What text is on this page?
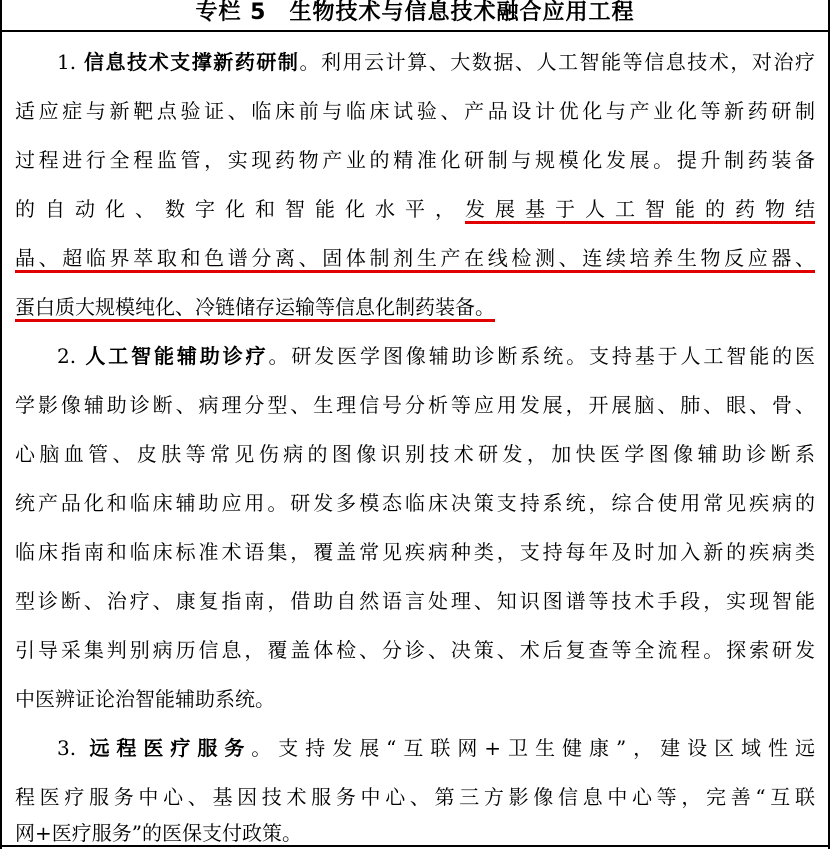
专栏 5　生物技术与信息技术融合应用工程
1. 信息技术支撑新药研制。利用云计算、大数据、人工智能等信息技术，对治疗
适应症与新靶点验证、临床前与临床试验、产品设计优化与产业化等新药研制
过程进行全程监管，实现药物产业的精准化研制与规模化发展。提升制药装备
的自动化、数字化和智能化水平，发展基于人工智能的药物结
晶、超临界萃取和色谱分离、固体制剂生产在线检测、连续培养生物反应器、
蛋白质大规模纯化、冷链储存运输等信息化制药装备。
2. 人工智能辅助诊疗。研发医学图像辅助诊断系统。支持基于人工智能的医
学影像辅助诊断、病理分型、生理信号分析等应用发展，开展脑、肺、眼、骨、
心脑血管、皮肤等常见伤病的图像识别技术研发，加快医学图像辅助诊断系
统产品化和临床辅助应用。研发多模态临床决策支持系统，综合使用常见疾病的
临床指南和临床标准术语集，覆盖常见疾病种类，支持每年及时加入新的疾病类
型诊断、治疗、康复指南，借助自然语言处理、知识图谱等技术手段，实现智能
引导采集判别病历信息，覆盖体检、分诊、决策、术后复查等全流程。探索研发
中医辨证论治智能辅助系统。
3. 远程医疗服务。支持发展“互联网+卫生健康”，建设区域性远
程医疗服务中心、基因技术服务中心、第三方影像信息中心等，完善“互联
网+医疗服务”的医保支付政策。
